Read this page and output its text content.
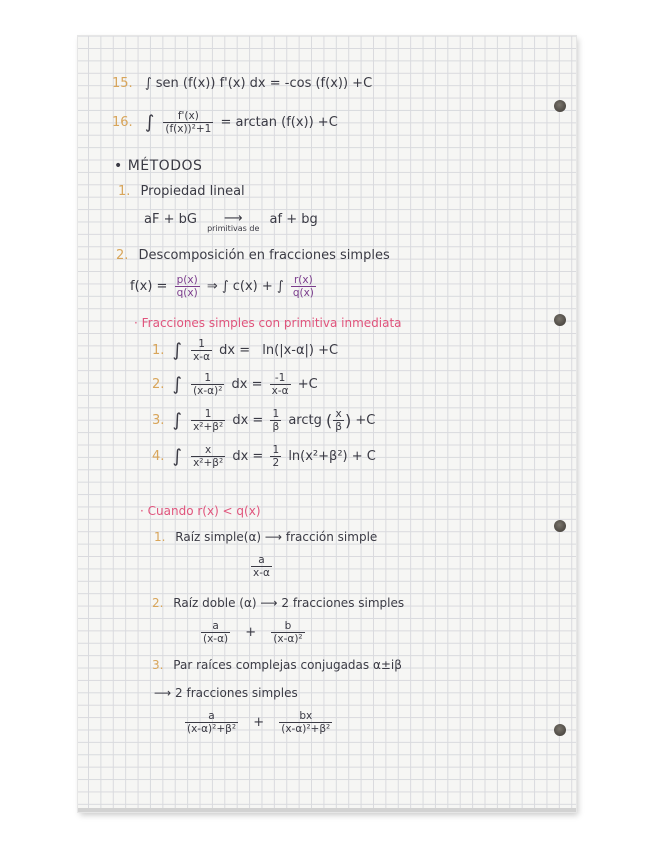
15. ∫ sen (f(x)) f'(x) dx = -cos (f(x)) +C
16. ∫ $\frac{f'(x)}{\text{(f(x))²+1}} = \arctan (f(x)) +C$
• MÉTODOS
1. Propiedad lineal
aF + bG ⟶
primitivas de
af + bg
2. Descomposición en fracciones simples
$f(x) = \frac{p(x)}{q(x)}$ ⇒ ∫ c(x) + ∫ $\frac{r(x)}{q(x)}$
· Fracciones simples con primitiva inmediata
1. ∫ $\frac{1}{x-\alpha}$ dx = ln(|x-α|) +C
2. ∫ $\frac{1}{\text{(x-α)²}}$ dx = $\frac{-1}{x-\alpha} +C$
3. ∫ $\frac{1}{\text{x²+β²}}$ dx = $\frac{1}{\beta}$ arctg ( $\frac{x}{\beta}$ ) +C
4. ∫ $\frac{x}{\text{x²+β²}}$ dx = $\frac{1}{2} \ln(x^2+\beta^2) + C$
· Cuando r(x) < q(x)
1. Raíz simple(α) ⟶ fracción simple
$\frac{a}{x-\alpha}$
2. Raíz doble (α) ⟶ 2 fracciones simples
$\frac{a}{(x-\alpha)} + \frac{b}{\text{(x-α)²}}$
3. Par raíces complejas conjugadas α±iβ
⟶ 2 fracciones simples
$\frac{a}{\text{(x-α)²+β²}} + \frac{bx}{\text{(x-α)²+β²}}$
